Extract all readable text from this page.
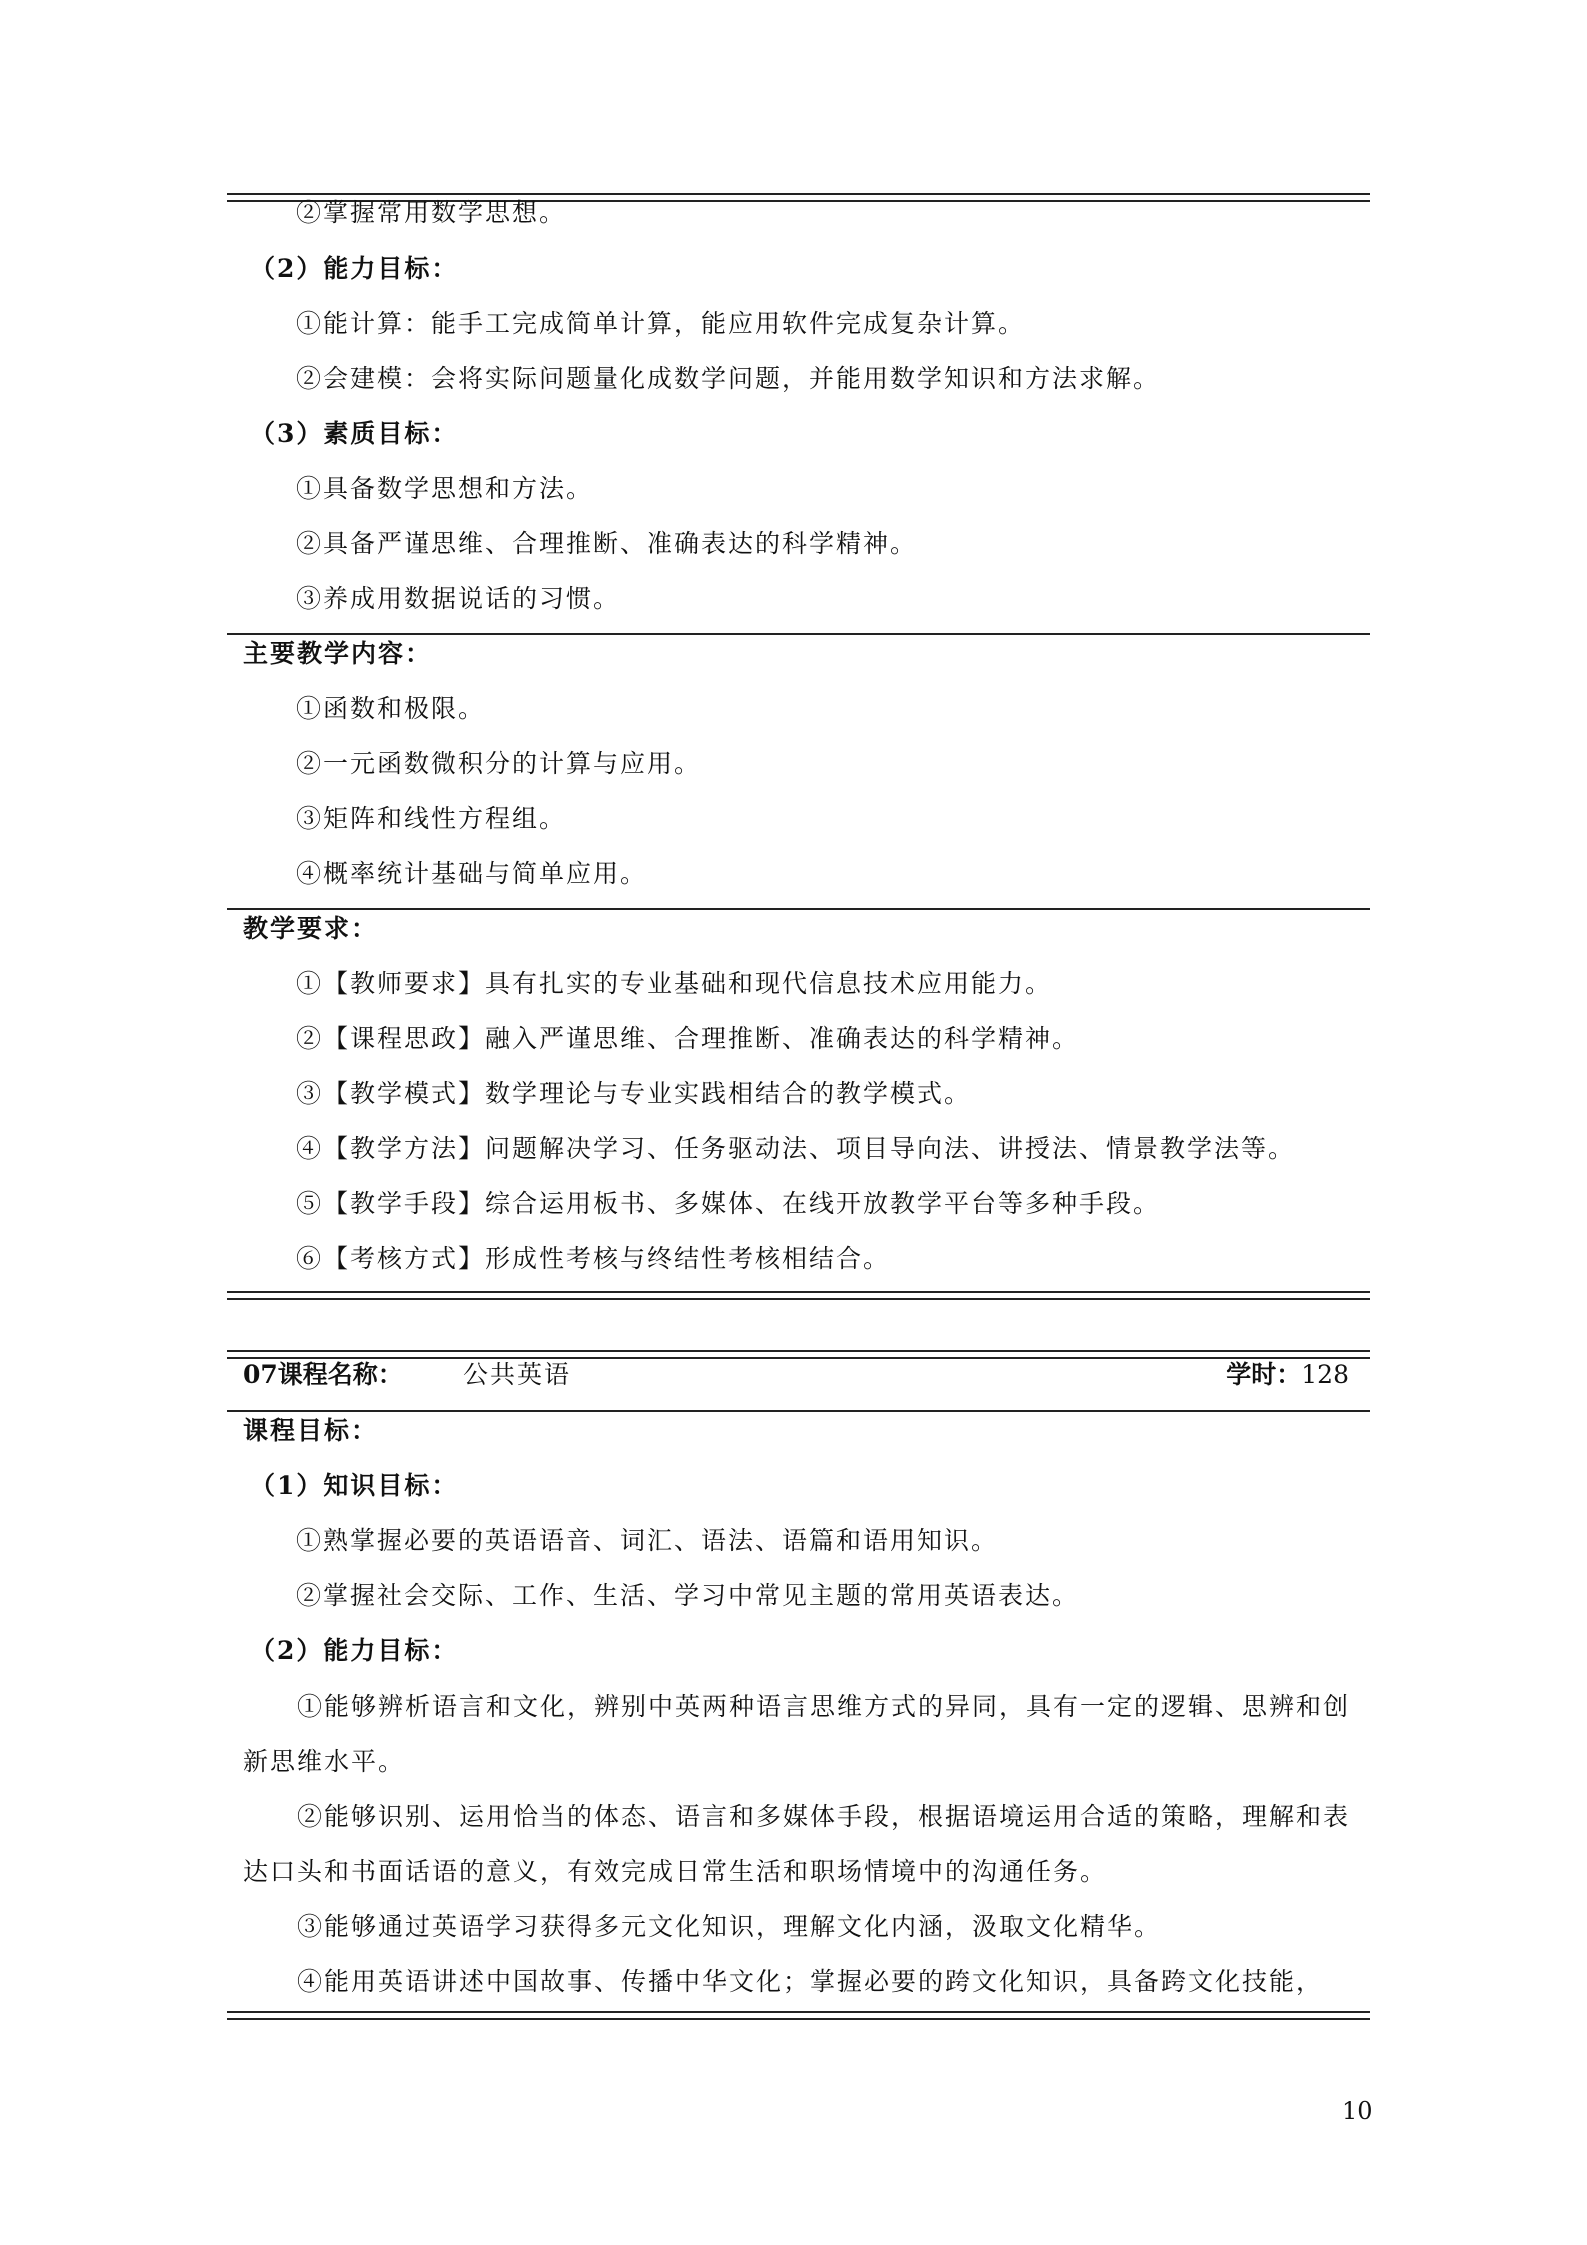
②掌握常用数学思想。
（2）能力目标：
①能计算：能手工完成简单计算，能应用软件完成复杂计算。
②会建模：会将实际问题量化成数学问题，并能用数学知识和方法求解。
（3）素质目标：
①具备数学思想和方法。
②具备严谨思维、合理推断、准确表达的科学精神。
③养成用数据说话的习惯。
主要教学内容：
①函数和极限。
②一元函数微积分的计算与应用。
③矩阵和线性方程组。
④概率统计基础与简单应用。
教学要求：
①【教师要求】具有扎实的专业基础和现代信息技术应用能力。
②【课程思政】融入严谨思维、合理推断、准确表达的科学精神。
③【教学模式】数学理论与专业实践相结合的教学模式。
④【教学方法】问题解决学习、任务驱动法、项目导向法、讲授法、情景教学法等。
⑤【教学手段】综合运用板书、多媒体、在线开放教学平台等多种手段。
⑥【考核方式】形成性考核与终结性考核相结合。
07课程名称： 公共英语	学时：128
课程目标：
（1）知识目标：
①熟掌握必要的英语语音、词汇、语法、语篇和语用知识。
②掌握社会交际、工作、生活、学习中常见主题的常用英语表达。
（2）能力目标：
①能够辨析语言和文化，辨别中英两种语言思维方式的异同，具有一定的逻辑、思辨和创新思维水平。
②能够识别、运用恰当的体态、语言和多媒体手段，根据语境运用合适的策略，理解和表达口头和书面话语的意义，有效完成日常生活和职场情境中的沟通任务。
③能够通过英语学习获得多元文化知识，理解文化内涵，汲取文化精华。
④能用英语讲述中国故事、传播中华文化；掌握必要的跨文化知识，具备跨文化技能，
10
